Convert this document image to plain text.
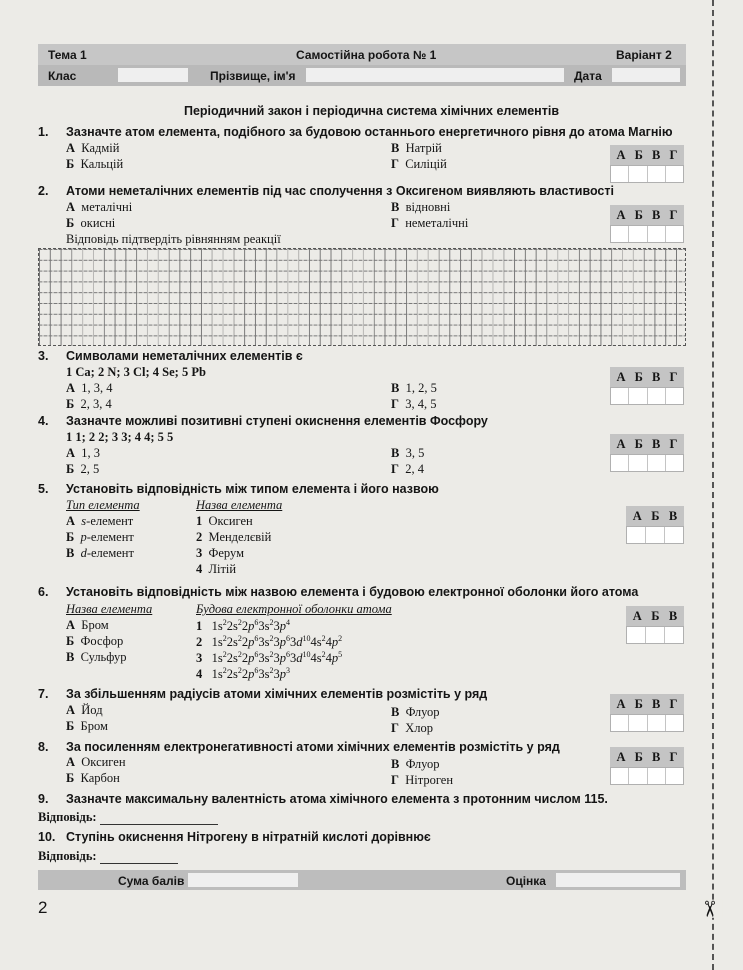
Тема 1	Самостійна робота № 1	Варіант 2
Клас	Прізвище, ім'я	Дата
Періодичний закон і періодична система хімічних елементів
1. Зазначте атом елемента, подібного за будовою останнього енергетичного рівня до атома Магнію
А Кадмій
Б Кальцій
В Натрій
Г Силіцій
А Б В Г
2. Атоми неметалічних елементів під час сполучення з Оксигеном виявляють властивості
А металічні
Б окисні
В відновні
Г неметалічні
Відповідь підтвердіть рівнянням реакції
А Б В Г
3. Символами неметалічних елементів є
1 Ca; 2 N; 3 Cl; 4 Se; 5 Pb
А 1, 3, 4
Б 2, 3, 4
В 1, 2, 5
Г 3, 4, 5
А Б В Г
4. Зазначте можливі позитивні ступені окиснення елементів Фосфору
1 1; 2 2; 3 3; 4 4; 5 5
А 1, 3
Б 2, 5
В 3, 5
Г 2, 4
А Б В Г
5. Установіть відповідність між типом елемента і його назвою
Тип елемента	Назва елемента
А s-елемент
Б p-елемент
В d-елемент
1 Оксиген
2 Менделєвій
3 Ферум
4 Літій
А Б В
6. Установіть відповідність між назвою елемента і будовою електронної оболонки його атома
Назва елемента	Будова електронної оболонки атома
А Бром
Б Фосфор
В Сульфур
1   $1s^22s^22p^63s^23p^4$
2   $1s^22s^22p^63s^23p^63d^{10}4s^24p^2$
3   $1s^22s^22p^63s^23p^63d^{10}4s^24p^5$
4   $1s^22s^22p^63s^23p^3$
А Б В
7. За збільшенням радіусів атоми хімічних елементів розмістіть у ряд
А Йод
Б Бром
В Флуор
Г Хлор
А Б В Г
8. За посиленням електронегативності атоми хімічних елементів розмістіть у ряд
А Оксиген
Б Карбон
В Флуор
Г Нітроген
А Б В Г
9. Зазначте максимальну валентність атома хімічного елемента з протонним числом 115.
Відповідь:
10. Ступінь окиснення Нітрогену в нітратній кислоті дорівнює
Відповідь:
Сума балів	Оцінка
2	✂
